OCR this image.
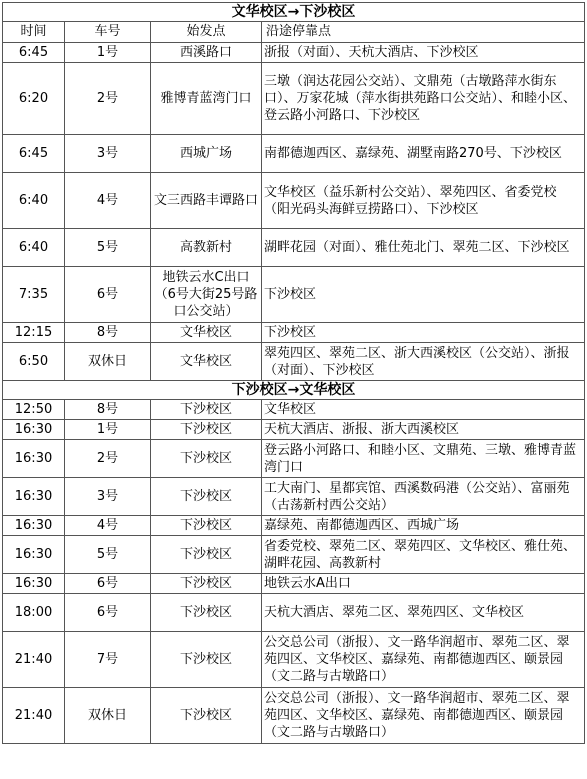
文华校区→下沙校区			
时间	车号	始发点	沿途停靠点
6:45	1号	西溪路口	浙报（对面）、天杭大酒店、下沙校区
6:20	2号	雅博青蓝湾门口	三墩（润达花园公交站）、文鼎苑（古墩路萍水街东口）、万家花城（萍水街拱苑路口公交站）、和睦小区、登云路小河路口、下沙校区
6:45	3号	西城广场	南都德迦西区、嘉绿苑、湖墅南路270号、下沙校区
6:40	4号	文三西路丰谭路口	文华校区（益乐新村公交站）、翠苑四区、省委党校（阳光码头海鲜豆捞路口）、下沙校区
6:40	5号	高教新村	湖畔花园（对面）、雅仕苑北门、翠苑二区、下沙校区
7:35	6号	地铁云水C出口（6号大街25号路口公交站）	下沙校区
12:15	8号	文华校区	下沙校区
6:50	双休日	文华校区	翠苑四区、翠苑二区、浙大西溪校区（公交站）、浙报（对面）、下沙校区
下沙校区→文华校区			
12:50	8号	下沙校区	文华校区
16:30	1号	下沙校区	天杭大酒店、浙报、浙大西溪校区
16:30	2号	下沙校区	登云路小河路口、和睦小区、文鼎苑、三墩、雅博青蓝湾门口
16:30	3号	下沙校区	工大南门、星都宾馆、西溪数码港（公交站）、富丽苑（古荡新村西公交站）
16:30	4号	下沙校区	嘉绿苑、南都德迦西区、西城广场
16:30	5号	下沙校区	省委党校、翠苑二区、翠苑四区、文华校区、雅仕苑、湖畔花园、高教新村
16:30	6号	下沙校区	地铁云水A出口
18:00	6号	下沙校区	天杭大酒店、翠苑二区、翠苑四区、文华校区
21:40	7号	下沙校区	公交总公司（浙报）、文一路华润超市、翠苑二区、翠苑四区、文华校区、嘉绿苑、南都德迦西区、颐景园（文二路与古墩路口）
21:40	双休日	下沙校区	公交总公司（浙报）、文一路华润超市、翠苑二区、翠苑四区、文华校区、嘉绿苑、南都德迦西区、颐景园（文二路与古墩路口）
